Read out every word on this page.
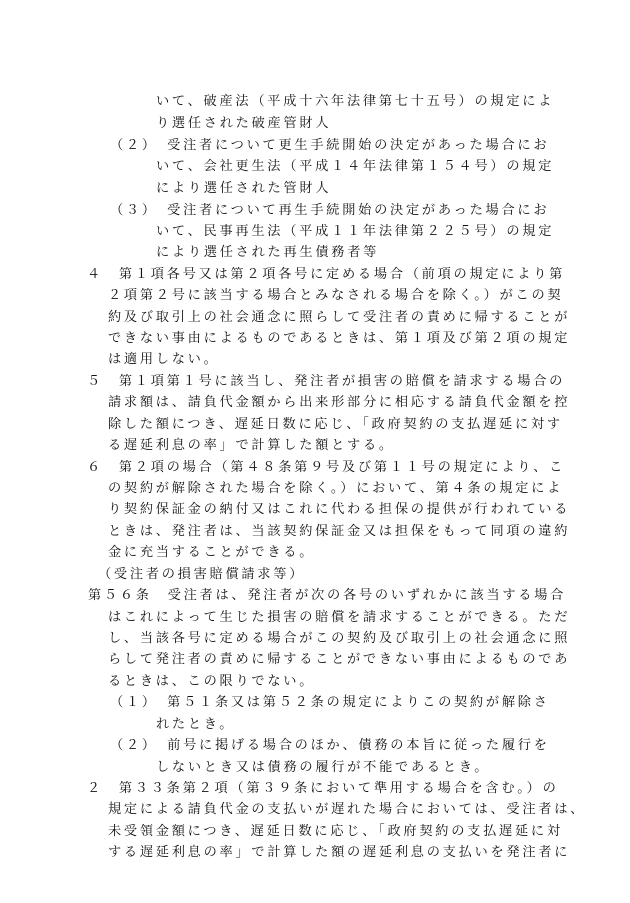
いて、破産法（平成十六年法律第七十五号）の規定によ
り選任された破産管財人
（２）　受注者について更生手続開始の決定があった場合にお
いて、会社更生法（平成１４年法律第１５４号）の規定
により選任された管財人
（３）　受注者について再生手続開始の決定があった場合にお
いて、民事再生法（平成１１年法律第２２５号）の規定
により選任された再生債務者等
４　第１項各号又は第２項各号に定める場合（前項の規定により第
２項第２号に該当する場合とみなされる場合を除く。）がこの契
約及び取引上の社会通念に照らして受注者の責めに帰することが
できない事由によるものであるときは、第１項及び第２項の規定
は適用しない。
５　第１項第１号に該当し、発注者が損害の賠償を請求する場合の
請求額は、請負代金額から出来形部分に相応する請負代金額を控
除した額につき、遅延日数に応じ、「政府契約の支払遅延に対す
る遅延利息の率」で計算した額とする。
６　第２項の場合（第４８条第９号及び第１１号の規定により、こ
の契約が解除された場合を除く。）において、第４条の規定によ
り契約保証金の納付又はこれに代わる担保の提供が行われている
ときは、発注者は、当該契約保証金又は担保をもって同項の違約
金に充当することができる。
（受注者の損害賠償請求等）
第５６条　受注者は、発注者が次の各号のいずれかに該当する場合
はこれによって生じた損害の賠償を請求することができる。ただ
し、当該各号に定める場合がこの契約及び取引上の社会通念に照
らして発注者の責めに帰することができない事由によるものであ
るときは、この限りでない。
（１）　第５１条又は第５２条の規定によりこの契約が解除さ
れたとき。
（２）　前号に掲げる場合のほか、債務の本旨に従った履行を
しないとき又は債務の履行が不能であるとき。
２　第３３条第２項（第３９条において準用する場合を含む。）の
規定による請負代金の支払いが遅れた場合においては、受注者は、
未受領金額につき、遅延日数に応じ、「政府契約の支払遅延に対
する遅延利息の率」で計算した額の遅延利息の支払いを発注者に
